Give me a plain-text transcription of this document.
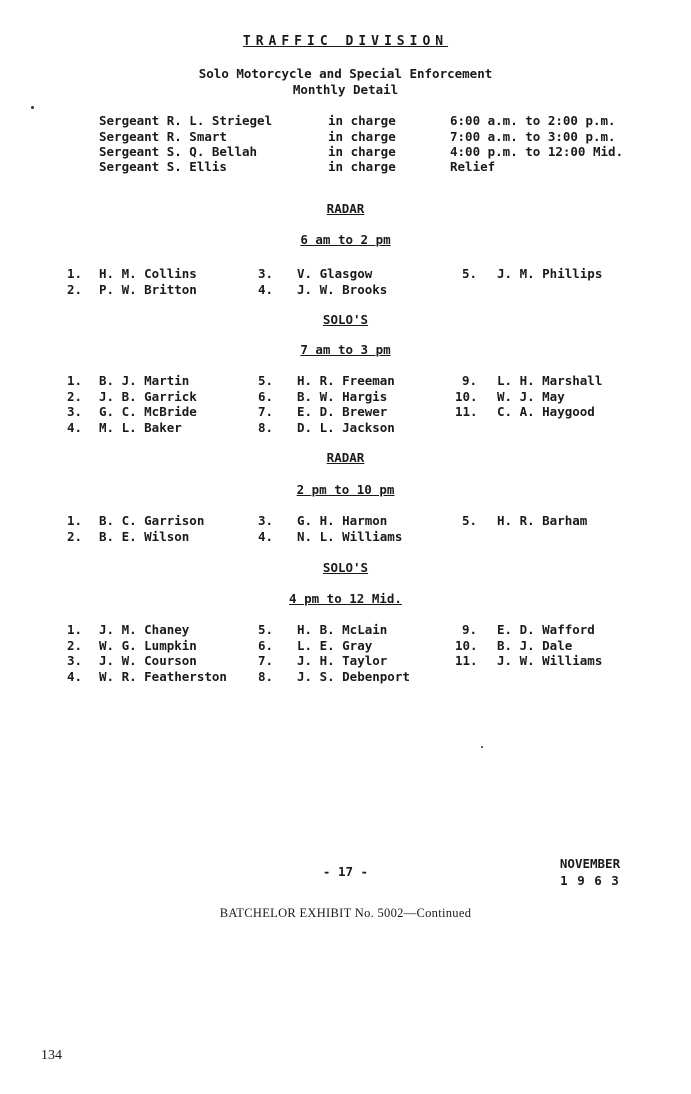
TRAFFIC DIVISION
Solo Motorcycle and Special Enforcement
Monthly Detail
Sergeant R. L. Striegel	in charge	6:00 a.m. to 2:00 p.m.
Sergeant R. Smart	in charge	7:00 a.m. to 3:00 p.m.
Sergeant S. Q. Bellah	in charge	4:00 p.m. to 12:00 Mid.
Sergeant S. Ellis	in charge	Relief
RADAR
6 am to 2 pm
1. H. M. Collins
2. P. W. Britton
3. V. Glasgow
4. J. W. Brooks
5. J. M. Phillips
SOLO'S
7 am to 3 pm
1. B. J. Martin
2. J. B. Garrick
3. G. C. McBride
4. M. L. Baker
5. H. R. Freeman
6. B. W. Hargis
7. E. D. Brewer
8. D. L. Jackson
9. L. H. Marshall
10. W. J. May
11. C. A. Haygood
RADAR
2 pm to 10 pm
1. B. C. Garrison
2. B. E. Wilson
3. G. H. Harmon
4. N. L. Williams
5. H. R. Barham
SOLO'S
4 pm to 12 Mid.
1. J. M. Chaney
2. W. G. Lumpkin
3. J. W. Courson
4. W. R. Featherston
5. H. B. McLain
6. L. E. Gray
7. J. H. Taylor
8. J. S. Debenport
9. E. D. Wafford
10. B. J. Dale
11. J. W. Williams
- 17 -
NOVEMBER
1 9 6 3
BATCHELOR EXHIBIT No. 5002—Continued
134
